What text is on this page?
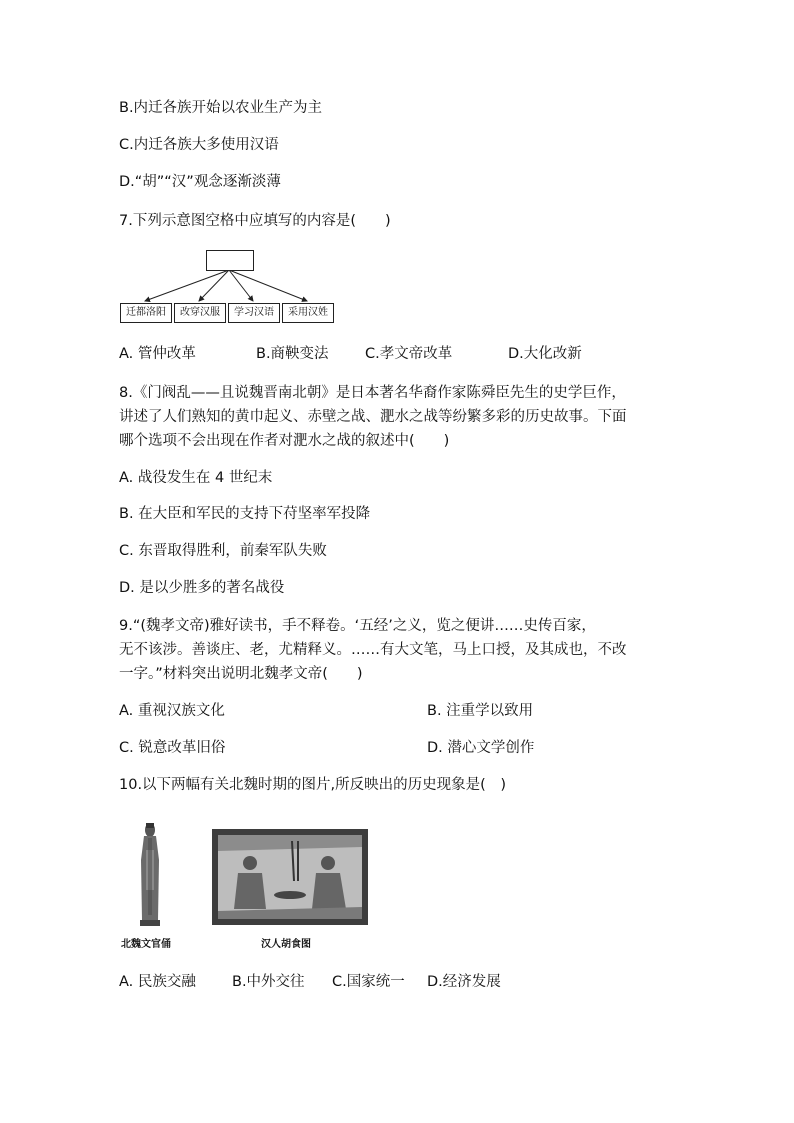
B.内迁各族开始以农业生产为主
C.内迁各族大多使用汉语
D.“胡”“汉”观念逐渐淡薄
7.下列示意图空格中应填写的内容是(　　)
迁都洛阳	改穿汉服	学习汉语	采用汉姓
A. 管仲改革	B.商鞅变法	C.孝文帝改革	D.大化改新
8.《门阀乱——且说魏晋南北朝》是日本著名华裔作家陈舜臣先生的史学巨作，
讲述了人们熟知的黄巾起义、赤壁之战、淝水之战等纷繁多彩的历史故事。下面
哪个选项不会出现在作者对淝水之战的叙述中(　　)
A. 战役发生在 4 世纪末
B. 在大臣和军民的支持下苻坚率军投降
C. 东晋取得胜利，前秦军队失败
D. 是以少胜多的著名战役
9.“(魏孝文帝)雅好读书，手不释卷。‘五经’之义，览之便讲……史传百家，
无不该涉。善谈庄、老，尤精释义。……有大文笔，马上口授，及其成也，不改
一字。”材料突出说明北魏孝文帝(　　)
A. 重视汉族文化	B. 注重学以致用
C. 锐意改革旧俗	D. 潜心文学创作
10.以下两幅有关北魏时期的图片,所反映出的历史现象是(　)
北魏文官俑	汉人胡食图
A. 民族交融 B.中外交往 C.国家统一 D.经济发展
